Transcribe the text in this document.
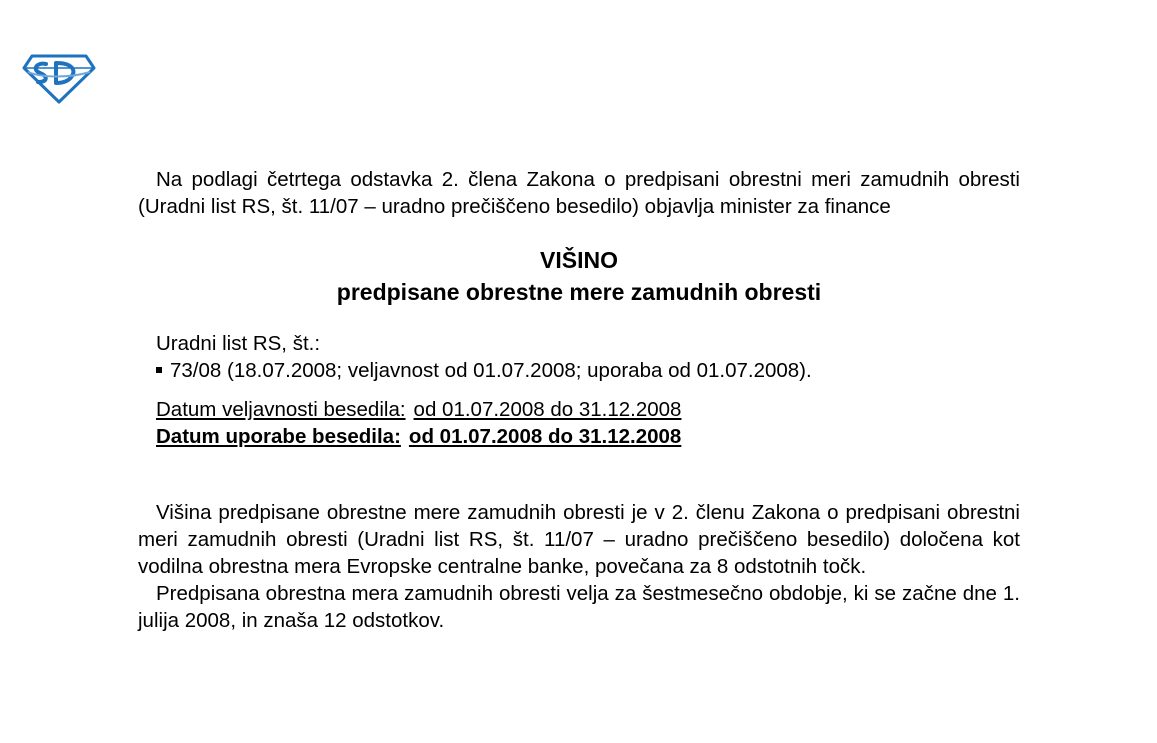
Na podlagi četrtega odstavka 2. člena Zakona o predpisani obrestni meri zamudnih obresti (Uradni list RS, št. 11/07 – uradno prečiščeno besedilo) objavlja minister za finance

VIŠINO
predpisane obrestne mere zamudnih obresti
Uradni list RS, št.:
73/08 (18.07.2008; veljavnost od 01.07.2008; uporaba od 01.07.2008).
Datum veljavnosti besedila: od 01.07.2008 do 31.12.2008
Datum uporabe besedila: od 01.07.2008 do 31.12.2008

Višina predpisane obrestne mere zamudnih obresti je v 2. členu Zakona o predpisani obrestni meri zamudnih obresti (Uradni list RS, št. 11/07 – uradno prečiščeno besedilo) določena kot vodilna obrestna mera Evropske centralne banke, povečana za 8 odstotnih točk.

Predpisana obrestna mera zamudnih obresti velja za šestmesečno obdobje, ki se začne dne 1. julija 2008, in znaša 12 odstotkov.
